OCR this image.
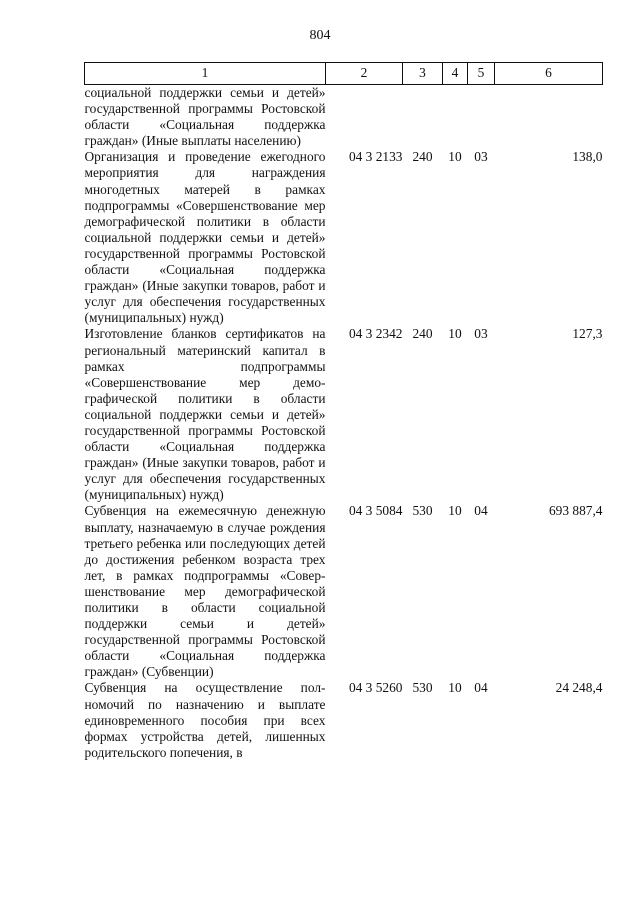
804
1	2	3	4	5	6
социальной поддержки семьи и детей» государственной программы Ростовской области «Социальная поддержка граждан» (Иные выплаты населению)					
Организация и проведение ежегодного мероприятия для награждения многодетных матерей в рамках подпрограммы «Совершенствование мер демографической политики в области социальной поддержки семьи и детей» государственной программы Ростовской области «Социальная поддержка граждан» (Иные закупки товаров, работ и услуг для обеспечения государственных (муниципальных) нужд)	04 3 2133	240	10	03	138,0
Изготовление бланков сертификатов на региональный материнский капитал в рамках подпрограммы «Совершенствование мер демографической политики в области социальной поддержки семьи и детей» государственной программы Ростовской области «Социальная поддержка граждан» (Иные закупки товаров, работ и услуг для обеспечения государственных (муниципальных) нужд)	04 3 2342	240	10	03	127,3
Субвенция на ежемесячную денежную выплату, назначаемую в случае рождения третьего ребенка или последующих детей до достижения ребенком возраста трех лет, в рамках подпрограммы «Совершенствование мер демографической политики в области социальной поддержки семьи и детей» государственной программы Ростовской области «Социальная поддержка граждан» (Субвенции)	04 3 5084	530	10	04	693 887,4
Субвенция на осуществление полномочий по назначению и выплате единовременного пособия при всех формах устройства детей, лишенных родительского попечения, в	04 3 5260	530	10	04	24 248,4
